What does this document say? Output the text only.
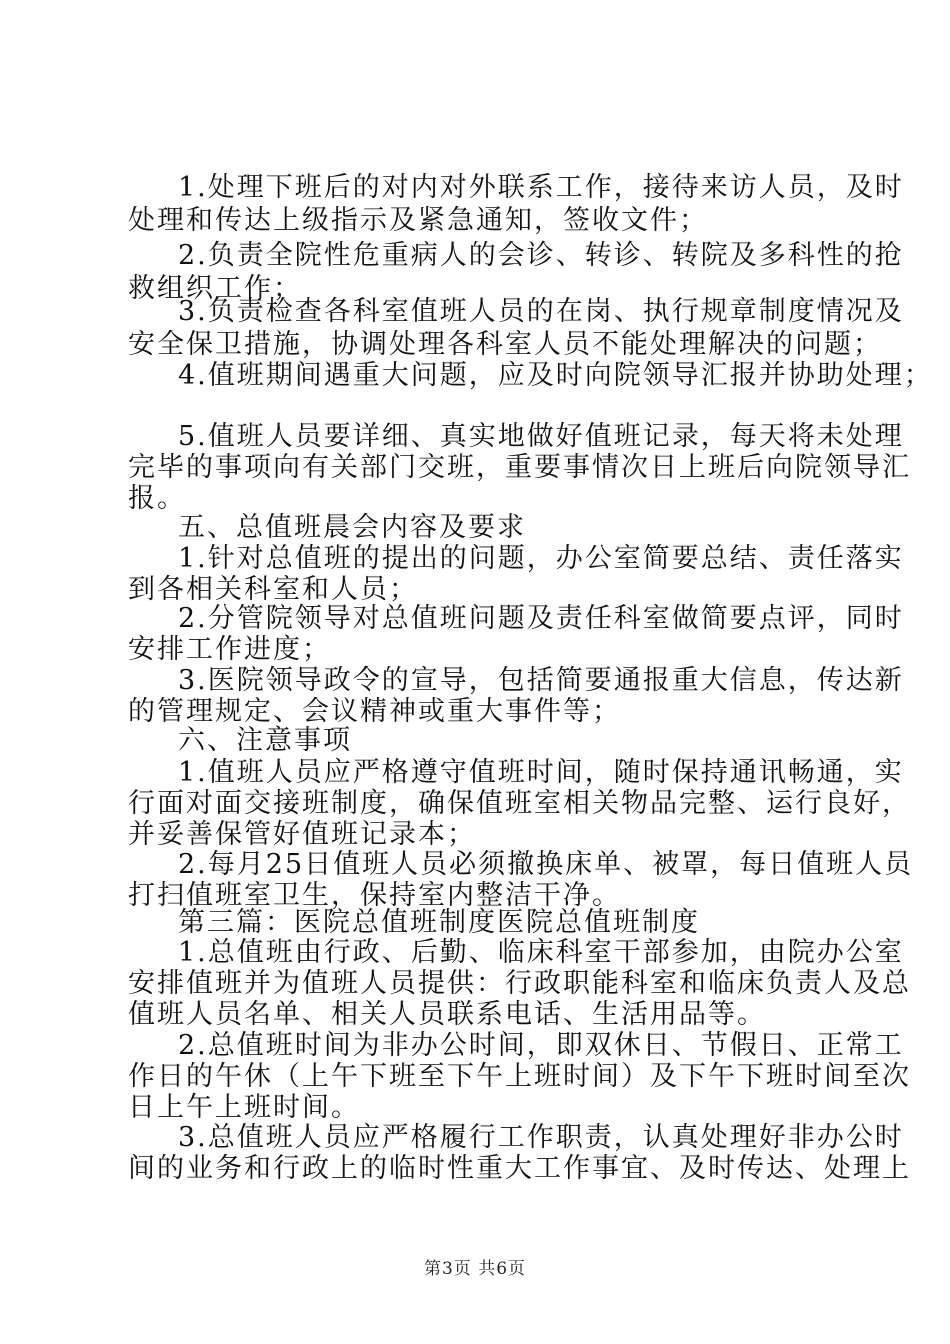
1.处理下班后的对内对外联系工作，接待来访人员，及时
处理和传达上级指示及紧急通知，签收文件；
2.负责全院性危重病人的会诊、转诊、转院及多科性的抢
救组织工作；
3.负责检查各科室值班人员的在岗、执行规章制度情况及
安全保卫措施，协调处理各科室人员不能处理解决的问题；
4.值班期间遇重大问题，应及时向院领导汇报并协助处理；
5.值班人员要详细、真实地做好值班记录，每天将未处理
完毕的事项向有关部门交班，重要事情次日上班后向院领导汇
报。
五、总值班晨会内容及要求
1.针对总值班的提出的问题，办公室简要总结、责任落实
到各相关科室和人员；
2.分管院领导对总值班问题及责任科室做简要点评，同时
安排工作进度；
3.医院领导政令的宣导，包括简要通报重大信息，传达新
的管理规定、会议精神或重大事件等；
六、注意事项
1.值班人员应严格遵守值班时间，随时保持通讯畅通，实
行面对面交接班制度，确保值班室相关物品完整、运行良好，
并妥善保管好值班记录本；
2.每月25日值班人员必须撤换床单、被罩，每日值班人员
打扫值班室卫生，保持室内整洁干净。
第三篇：医院总值班制度医院总值班制度
1.总值班由行政、后勤、临床科室干部参加，由院办公室
安排值班并为值班人员提供：行政职能科室和临床负责人及总
值班人员名单、相关人员联系电话、生活用品等。
2.总值班时间为非办公时间，即双休日、节假日、正常工
作日的午休（上午下班至下午上班时间）及下午下班时间至次
日上午上班时间。
3.总值班人员应严格履行工作职责，认真处理好非办公时
间的业务和行政上的临时性重大工作事宜、及时传达、处理上
第3页 共6页
